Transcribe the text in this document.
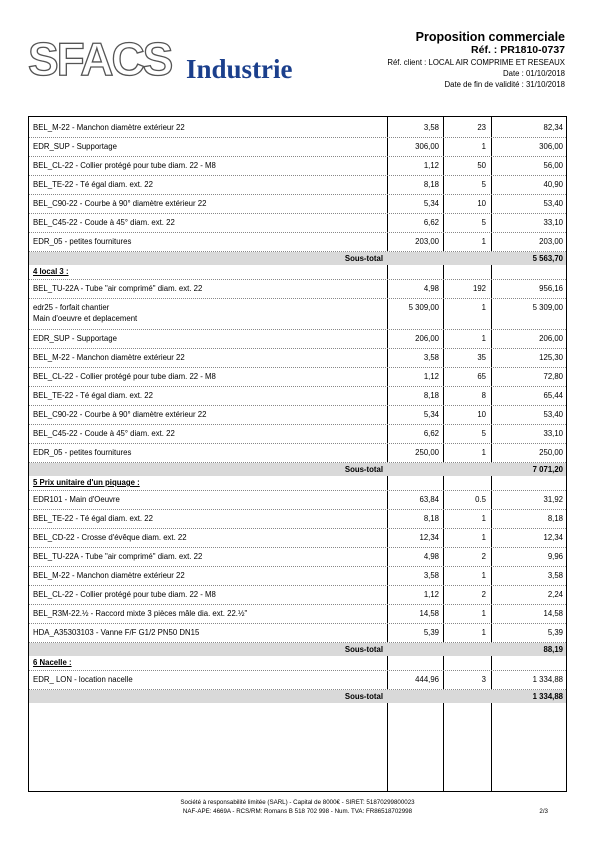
SFACS Industrie
Proposition commerciale
Réf. : PR1810-0737
Réf. client : LOCAL AIR COMPRIME ET RESEAUX
Date : 01/10/2018
Date de fin de validité : 31/10/2018
BEL_M-22 - Manchon diamètre extérieur 22	3,58	23	82,34
EDR_SUP - Supportage	306,00	1	306,00
BEL_CL-22 - Collier protégé pour tube diam. 22 - M8	1,12	50	56,00
BEL_TE-22 - Té égal diam. ext. 22	8,18	5	40,90
BEL_C90-22 - Courbe à 90° diamètre extérieur 22	5,34	10	53,40
BEL_C45-22 - Coude à 45° diam. ext. 22	6,62	5	33,10
EDR_05 - petites fournitures	203,00	1	203,00
Sous-total	5 563,70
4 local 3 :
BEL_TU-22A - Tube "air comprimé" diam. ext. 22	4,98	192	956,16
edr25 - forfait chantier
Main d'oeuvre et deplacement
5 309,00	1	5 309,00
EDR_SUP - Supportage	206,00	1	206,00
BEL_M-22 - Manchon diamètre extérieur 22	3,58	35	125,30
BEL_CL-22 - Collier protégé pour tube diam. 22 - M8	1,12	65	72,80
BEL_TE-22 - Té égal diam. ext. 22	8,18	8	65,44
BEL_C90-22 - Courbe à 90° diamètre extérieur 22	5,34	10	53,40
BEL_C45-22 - Coude à 45° diam. ext. 22	6,62	5	33,10
EDR_05 - petites fournitures	250,00	1	250,00
Sous-total	7 071,20
5 Prix unitaire d'un piquage :
EDR101 - Main d'Oeuvre	63,84	0.5	31,92
BEL_TE-22 - Té égal diam. ext. 22	8,18	1	8,18
BEL_CD-22 - Crosse d'évêque diam. ext. 22	12,34	1	12,34
BEL_TU-22A - Tube "air comprimé" diam. ext. 22	4,98	2	9,96
BEL_M-22 - Manchon diamètre extérieur 22	3,58	1	3,58
BEL_CL-22 - Collier protégé pour tube diam. 22 - M8	1,12	2	2,24
BEL_R3M-22.½ - Raccord mixte 3 pièces mâle dia. ext. 22.½"	14,58	1	14,58
HDA_A35303103 - Vanne F/F G1/2 PN50 DN15	5,39	1	5,39
Sous-total	88,19
6 Nacelle :
EDR_ LON - location nacelle	444,96	3	1 334,88
Sous-total	1 334,88
Société à responsabilité limitée (SARL) - Capital de 8000€ - SIRET: 51870299800023
NAF-APE: 4669A - RCS/RM: Romans B 518 702 998 - Num. TVA: FR86518702998	2/3
